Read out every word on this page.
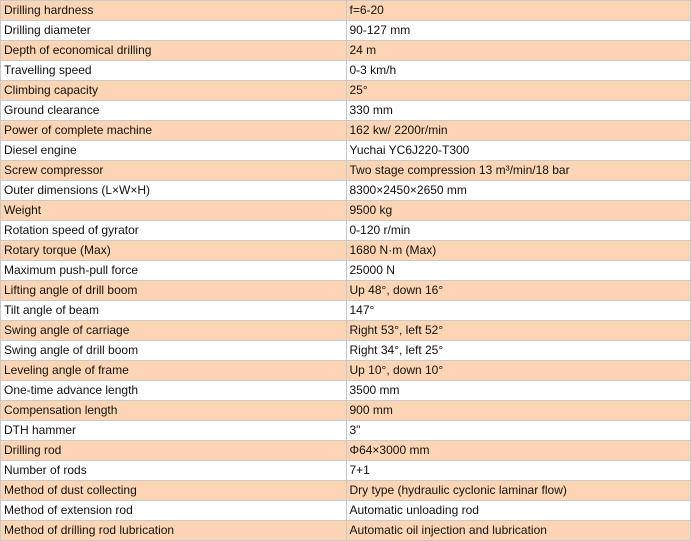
Drilling hardness	f=6-20
Drilling diameter	90-127 mm
Depth of economical drilling	24 m
Travelling speed	0-3 km/h
Climbing capacity	25°
Ground clearance	330 mm
Power of complete machine	162 kw/ 2200r/min
Diesel engine	Yuchai YC6J220-T300
Screw compressor	Two stage compression 13 m³/min/18 bar
Outer dimensions (L×W×H)	8300×2450×2650 mm
Weight	9500 kg
Rotation speed of gyrator	0-120 r/min
Rotary torque (Max)	1680 N·m (Max)
Maximum push-pull force	25000 N
Lifting angle of drill boom	Up 48°, down 16°
Tilt angle of beam	147°
Swing angle of carriage	Right 53°, left 52°
Swing angle of drill boom	Right 34°, left 25°
Leveling angle of frame	Up 10°, down 10°
One-time advance length	3500 mm
Compensation length	900 mm
DTH hammer	3"
Drilling rod	Φ64×3000 mm
Number of rods	7+1
Method of dust collecting	Dry type (hydraulic cyclonic laminar flow)
Method of extension rod	Automatic unloading rod
Method of drilling rod lubrication	Automatic oil injection and lubrication
